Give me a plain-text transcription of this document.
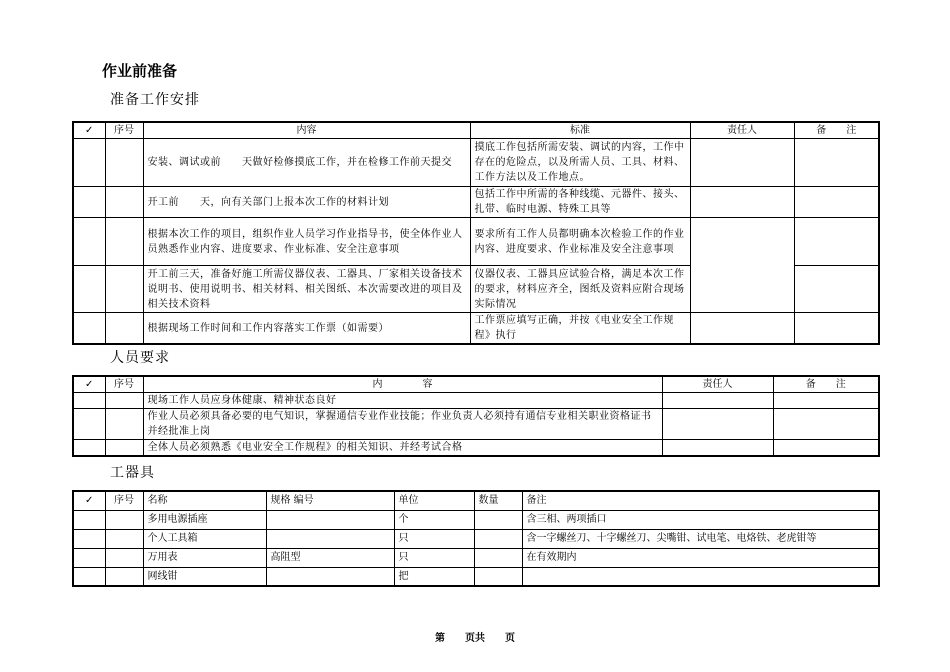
作业前准备
准备工作安排
✓	序号	内容	标准	责任人	备　　注
		安装、调试或前　　天做好检修摸底工作，并在检修工作前天提交	摸底工作包括所需安装、调试的内容，工作中存在的危险点，以及所需人员、工具、材料、工作方法以及工作地点。		
		开工前　　天，向有关部门上报本次工作的材料计划	包括工作中所需的各种线缆、元器件、接头、扎带、临时电源、特殊工具等		
		根据本次工作的项目，组织作业人员学习作业指导书，使全体作业人员熟悉作业内容、进度要求、作业标准、安全注意事项	要求所有工作人员都明确本次检验工作的作业内容、进度要求、作业标准及安全注意事项		
		开工前三天，准备好施工所需仪器仪表、工器具、厂家相关设备技术说明书、使用说明书、相关材料、相关图纸、本次需要改进的项目及相关技术资料	仪器仪表、工器具应试验合格，满足本次工作的要求，材料应齐全，图纸及资料应附合现场实际情况		
		根据现场工作时间和工作内容落实工作票（如需要）	工作票应填写正确，并按《电业安全工作规程》执行		
人员要求
✓	序号	内　　　　容	责任人	备　　注
		现场工作人员应身体健康、精神状态良好		
		作业人员必须具备必要的电气知识，掌握通信专业作业技能；作业负责人必须持有通信专业相关职业资格证书并经批准上岗		
		全体人员必须熟悉《电业安全工作规程》的相关知识、并经考试合格		
工器具
✓	序号	名称	规格 编号	单位	数量	备注
		多用电源插座		个		含三相、两项插口
		个人工具箱		只		含一字螺丝刀、十字螺丝刀、尖嘴钳、试电笔、电烙铁、老虎钳等
		万用表	高阻型	只		在有效期内
		网线钳		把		
第　　页共　　页
